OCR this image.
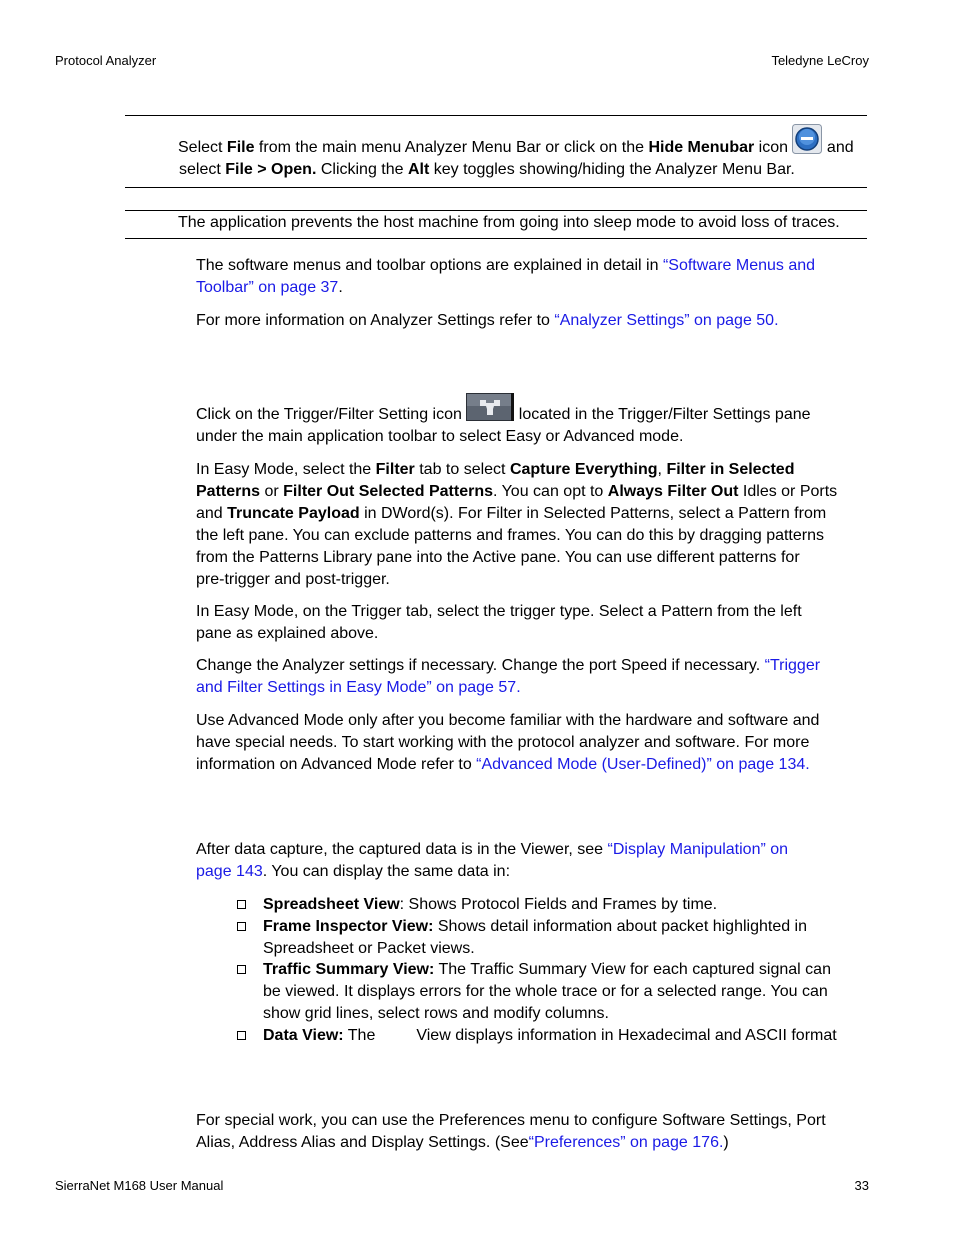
Protocol Analyzer	Teledyne LeCroy
Select File from the main menu Analyzer Menu Bar or click on the Hide Menubar icon  and
select File > Open. Clicking the Alt key toggles showing/hiding the Analyzer Menu Bar.
The application prevents the host machine from going into sleep mode to avoid loss of traces.
The software menus and toolbar options are explained in detail in “Software Menus and
Toolbar” on page 37.
For more information on Analyzer Settings refer to “Analyzer Settings” on page 50.
Click on the Trigger/Filter Setting icon	located in the Trigger/Filter Settings pane
under the main application toolbar to select Easy or Advanced mode.
In Easy Mode, select the Filter tab to select Capture Everything, Filter in Selected
Patterns or Filter Out Selected Patterns. You can opt to Always Filter Out Idles or Ports
and Truncate Payload in DWord(s). For Filter in Selected Patterns, select a Pattern from
the left pane. You can exclude patterns and frames. You can do this by dragging patterns
from the Patterns Library pane into the Active pane. You can use different patterns for
pre-trigger and post-trigger.
In Easy Mode, on the Trigger tab, select the trigger type. Select a Pattern from the left
pane as explained above.
Change the Analyzer settings if necessary. Change the port Speed if necessary. “Trigger
and Filter Settings in Easy Mode” on page 57.
Use Advanced Mode only after you become familiar with the hardware and software and
have special needs. To start working with the protocol analyzer and software. For more
information on Advanced Mode refer to “Advanced Mode (User-Defined)” on page 134.
After data capture, the captured data is in the Viewer, see “Display Manipulation” on
page 143. You can display the same data in:
Spreadsheet View: Shows Protocol Fields and Frames by time.
Frame Inspector View: Shows detail information about packet highlighted in
Spreadsheet or Packet views.
Traffic Summary View: The Traffic Summary View for each captured signal can
be viewed. It displays errors for the whole trace or for a selected range. You can
show grid lines, select rows and modify columns.
Data View: The	View displays information in Hexadecimal and ASCII format
For special work, you can use the Preferences menu to configure Software Settings, Port
Alias, Address Alias and Display Settings. (See“Preferences” on page 176.)
SierraNet M168 User Manual	33
